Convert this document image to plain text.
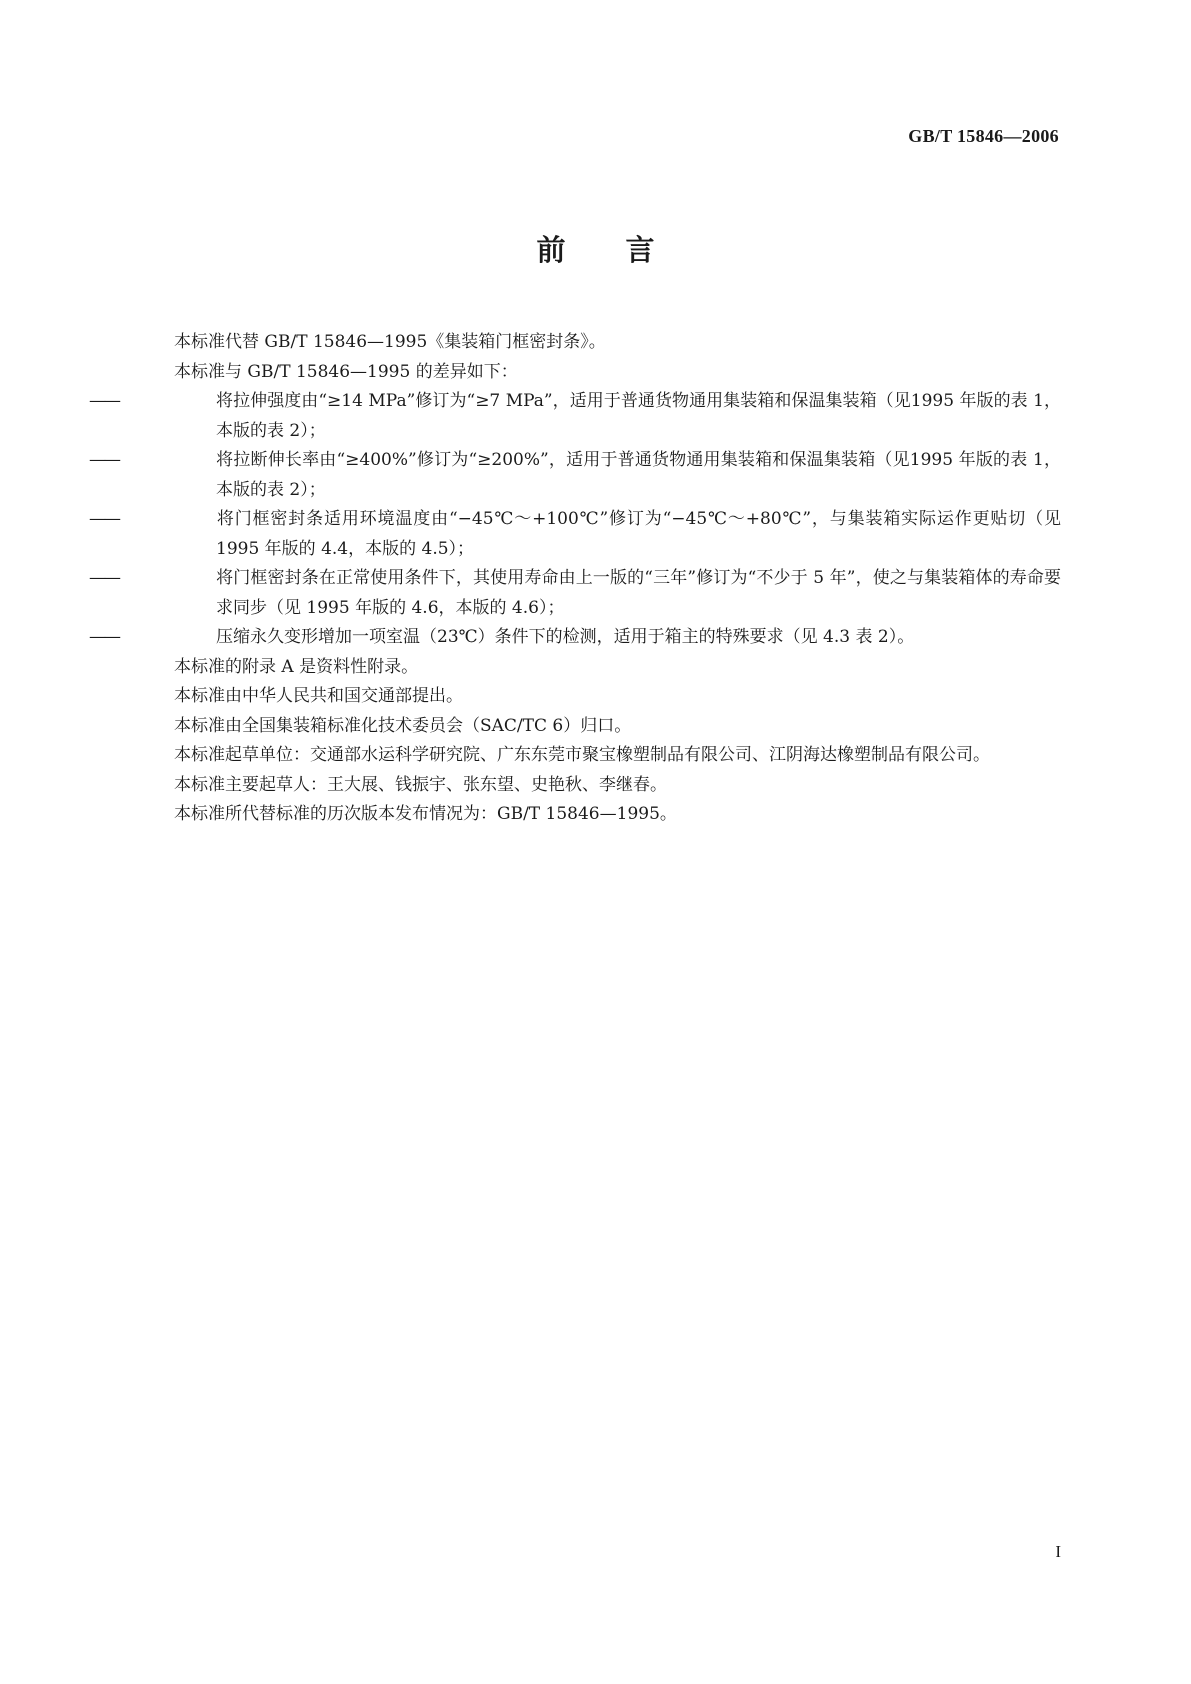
GB/T 15846—2006
前言

本标准代替 GB/T 15846—1995《集装箱门框密封条》。

本标准与 GB/T 15846—1995 的差异如下：

——	将拉伸强度由“≥14 MPa”修订为“≥7 MPa”，适用于普通货物通用集装箱和保温集装箱（见1995 年版的表 1，本版的表 2）；

——	将拉断伸长率由“≥400%”修订为“≥200%”，适用于普通货物通用集装箱和保温集装箱（见1995 年版的表 1，本版的表 2）；

——	将门框密封条适用环境温度由“−45℃～+100℃”修订为“−45℃～+80℃”，与集装箱实际运作更贴切（见 1995 年版的 4.4，本版的 4.5）；

——	将门框密封条在正常使用条件下，其使用寿命由上一版的“三年”修订为“不少于 5 年”，使之与集装箱体的寿命要求同步（见 1995 年版的 4.6，本版的 4.6）；

——	压缩永久变形增加一项室温（23℃）条件下的检测，适用于箱主的特殊要求（见 4.3 表 2）。

本标准的附录 A 是资料性附录。

本标准由中华人民共和国交通部提出。

本标准由全国集装箱标准化技术委员会（SAC/TC 6）归口。

本标准起草单位：交通部水运科学研究院、广东东莞市聚宝橡塑制品有限公司、江阴海达橡塑制品有限公司。

本标准主要起草人：王大展、钱振宇、张东望、史艳秋、李继春。

本标准所代替标准的历次版本发布情况为：GB/T 15846—1995。

I
